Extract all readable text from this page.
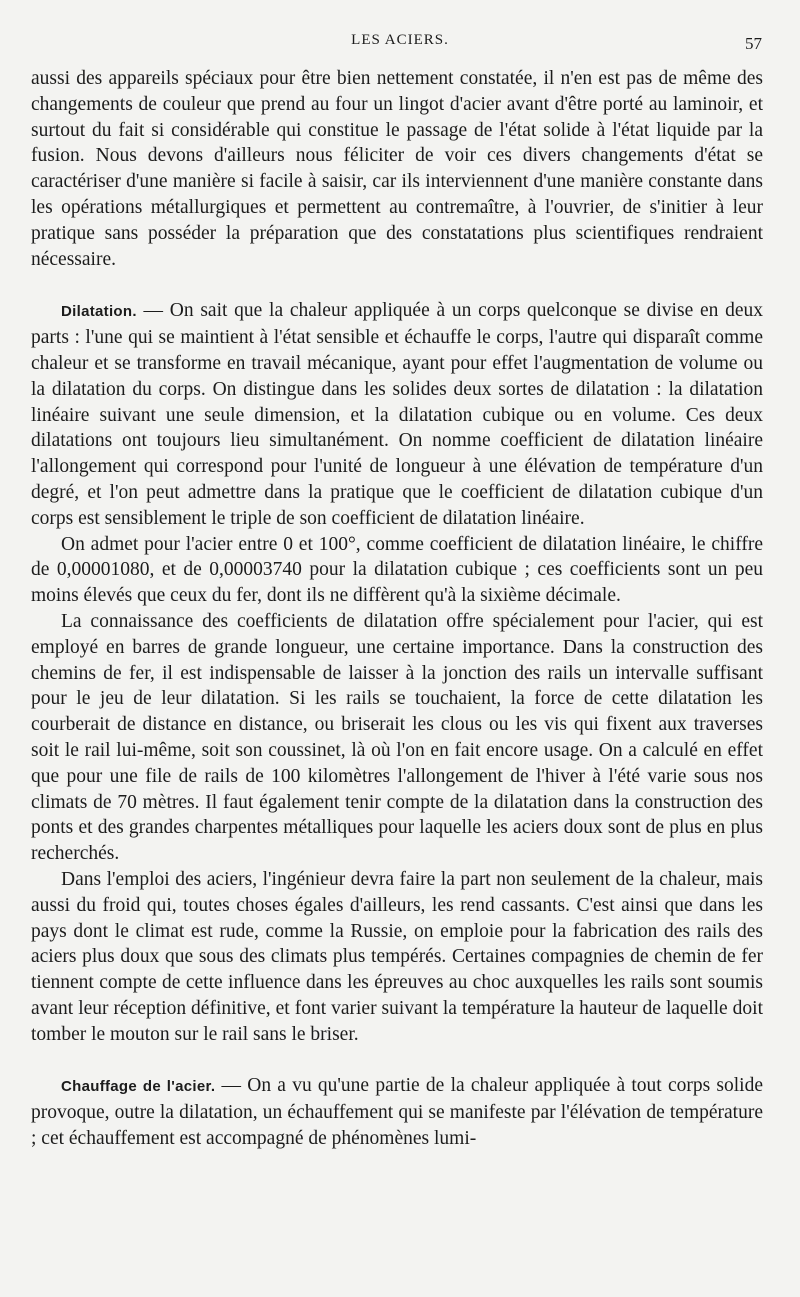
LES ACIERS.	57

aussi des appareils spéciaux pour être bien nettement constatée, il n'en est pas de même des changements de couleur que prend au four un lingot d'acier avant d'être porté au laminoir, et surtout du fait si considérable qui constitue le passage de l'état solide à l'état liquide par la fusion. Nous devons d'ailleurs nous féliciter de voir ces divers changements d'état se caractériser d'une manière si facile à saisir, car ils interviennent d'une manière constante dans les opérations métallurgiques et permettent au contremaître, à l'ouvrier, de s'initier à leur pratique sans posséder la préparation que des constatations plus scientifiques rendraient nécessaire.

Dilatation. — On sait que la chaleur appliquée à un corps quelconque se divise en deux parts : l'une qui se maintient à l'état sensible et échauffe le corps, l'autre qui disparaît comme chaleur et se transforme en travail mécanique, ayant pour effet l'augmentation de volume ou la dilatation du corps. On distingue dans les solides deux sortes de dilatation : la dilatation linéaire suivant une seule dimension, et la dilatation cubique ou en volume. Ces deux dilatations ont toujours lieu simultanément. On nomme coefficient de dilatation linéaire l'allongement qui correspond pour l'unité de longueur à une élévation de température d'un degré, et l'on peut admettre dans la pratique que le coefficient de dilatation cubique d'un corps est sensiblement le triple de son coefficient de dilatation linéaire.

On admet pour l'acier entre 0 et 100°, comme coefficient de dilatation linéaire, le chiffre de 0,00001080, et de 0,00003740 pour la dilatation cubique ; ces coefficients sont un peu moins élevés que ceux du fer, dont ils ne diffèrent qu'à la sixième décimale.

La connaissance des coefficients de dilatation offre spécialement pour l'acier, qui est employé en barres de grande longueur, une certaine importance. Dans la construction des chemins de fer, il est indispensable de laisser à la jonction des rails un intervalle suffisant pour le jeu de leur dilatation. Si les rails se touchaient, la force de cette dilatation les courberait de distance en distance, ou briserait les clous ou les vis qui fixent aux traverses soit le rail lui-même, soit son coussinet, là où l'on en fait encore usage. On a calculé en effet que pour une file de rails de 100 kilomètres l'allongement de l'hiver à l'été varie sous nos climats de 70 mètres. Il faut également tenir compte de la dilatation dans la construction des ponts et des grandes charpentes métalliques pour laquelle les aciers doux sont de plus en plus recherchés.

Dans l'emploi des aciers, l'ingénieur devra faire la part non seulement de la chaleur, mais aussi du froid qui, toutes choses égales d'ailleurs, les rend cassants. C'est ainsi que dans les pays dont le climat est rude, comme la Russie, on emploie pour la fabrication des rails des aciers plus doux que sous des climats plus tempérés. Certaines compagnies de chemin de fer tiennent compte de cette influence dans les épreuves au choc auxquelles les rails sont soumis avant leur réception définitive, et font varier suivant la température la hauteur de laquelle doit tomber le mouton sur le rail sans le briser.

Chauffage de l'acier. — On a vu qu'une partie de la chaleur appliquée à tout corps solide provoque, outre la dilatation, un échauffement qui se manifeste par l'élévation de température ; cet échauffement est accompagné de phénomènes lumi-
